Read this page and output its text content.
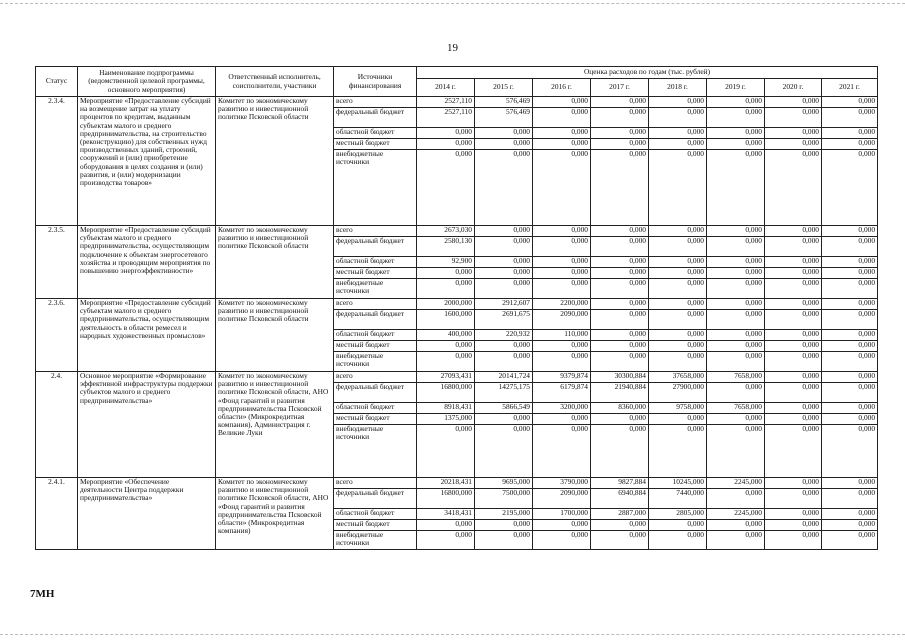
19
Статус	Наименование подпрограммы (ведомственной целевой программы, основного мероприятия)	Ответственный исполнитель, соисполнители, участники	Источники финансирования	Оценка расходов по годам (тыс. рублей)							
				2014 г.	2015 г.	2016 г.	2017 г.	2018 г.	2019 г.	2020 г.	2021 г.
2.3.4.	Мероприятие «Предоставление субсидий на возмещение затрат на уплату процентов по кредитам, выданным субъектам малого и среднего предпринимательства, на строительство (реконструкцию) для собственных нужд производственных зданий, строений, сооружений и (или) приобретение оборудования в целях создания и (или) развития, и (или) модернизации производства товаров»	Комитет по экономическому развитию и инвестиционной политике Псковской области	всего	2527,110	576,469	0,000	0,000	0,000	0,000	0,000	0,000
			федеральный бюджет	2527,110	576,469	0,000	0,000	0,000	0,000	0,000	0,000
			областной бюджет	0,000	0,000	0,000	0,000	0,000	0,000	0,000	0,000
			местный бюджет	0,000	0,000	0,000	0,000	0,000	0,000	0,000	0,000
			внебюджетные источники	0,000	0,000	0,000	0,000	0,000	0,000	0,000	0,000
2.3.5.	Мероприятие «Предоставление субсидий субъектам малого и среднего предпринимательства, осуществляющим подключение к объектам энергосетевого хозяйства и проводящим мероприятия по повышению энергоэффективности»	Комитет по экономическому развитию и инвестиционной политике Псковской области	всего	2673,030	0,000	0,000	0,000	0,000	0,000	0,000	0,000
			федеральный бюджет	2580,130	0,000	0,000	0,000	0,000	0,000	0,000	0,000
			областной бюджет	92,900	0,000	0,000	0,000	0,000	0,000	0,000	0,000
			местный бюджет	0,000	0,000	0,000	0,000	0,000	0,000	0,000	0,000
			внебюджетные источники	0,000	0,000	0,000	0,000	0,000	0,000	0,000	0,000
2.3.6.	Мероприятие «Предоставление субсидий субъектам малого и среднего предпринимательства, осуществляющим деятельность в области ремесел и народных художественных промыслов»	Комитет по экономическому развитию и инвестиционной политике Псковской области	всего	2000,000	2912,607	2200,000	0,000	0,000	0,000	0,000	0,000
			федеральный бюджет	1600,000	2691,675	2090,000	0,000	0,000	0,000	0,000	0,000
			областной бюджет	400,000	220,932	110,000	0,000	0,000	0,000	0,000	0,000
			местный бюджет	0,000	0,000	0,000	0,000	0,000	0,000	0,000	0,000
			внебюджетные источники	0,000	0,000	0,000	0,000	0,000	0,000	0,000	0,000
2.4.	Основное мероприятие «Формирование эффективной инфраструктуры поддержки субъектов малого и среднего предпринимательства»	Комитет по экономическому развитию и инвестиционной политике Псковской области, АНО «Фонд гарантий и развития предпринимательства Псковской области» (Микрокредитная компания), Администрация г. Великие Луки	всего	27093,431	20141,724	9379,874	30300,884	37658,000	7658,000	0,000	0,000
			федеральный бюджет	16800,000	14275,175	6179,874	21940,884	27900,000	0,000	0,000	0,000
			областной бюджет	8918,431	5866,549	3200,000	8360,000	9758,000	7658,000	0,000	0,000
			местный бюджет	1375,000	0,000	0,000	0,000	0,000	0,000	0,000	0,000
			внебюджетные источники	0,000	0,000	0,000	0,000	0,000	0,000	0,000	0,000
2.4.1.	Мероприятие «Обеспечение деятельности Центра поддержки предпринимательства»	Комитет по экономическому развитию и инвестиционной политике Псковской области, АНО «Фонд гарантий и развития предпринимательства Псковской области» (Микрокредитная компания)	всего	20218,431	9695,000	3790,000	9827,884	10245,000	2245,000	0,000	0,000
			федеральный бюджет	16800,000	7500,000	2090,000	6940,884	7440,000	0,000	0,000	0,000
			областной бюджет	3418,431	2195,000	1700,000	2887,000	2805,000	2245,000	0,000	0,000
			местный бюджет	0,000	0,000	0,000	0,000	0,000	0,000	0,000	0,000
			внебюджетные источники	0,000	0,000	0,000	0,000	0,000	0,000	0,000	0,000
7МН
